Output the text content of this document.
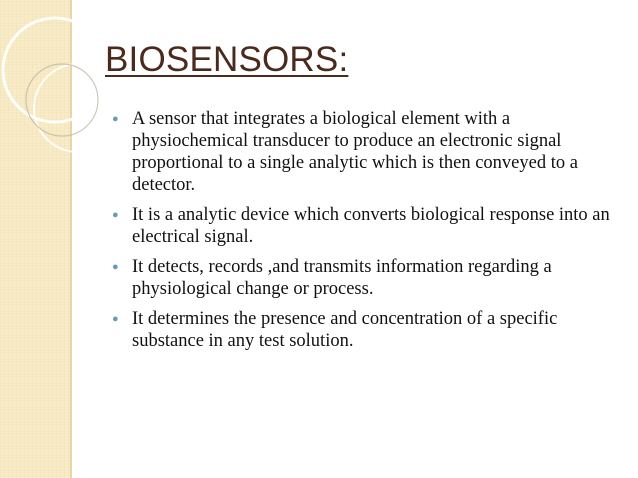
BIOSENSORS:
A sensor that integrates a biological element with a physiochemical transducer to produce an electronic signal proportional to a single analytic which is then conveyed to a detector.
It is a analytic device which converts biological response into an electrical signal.
It detects, records ,and transmits information regarding a physiological change or process.
It determines the presence and concentration of a specific substance in any test solution.
